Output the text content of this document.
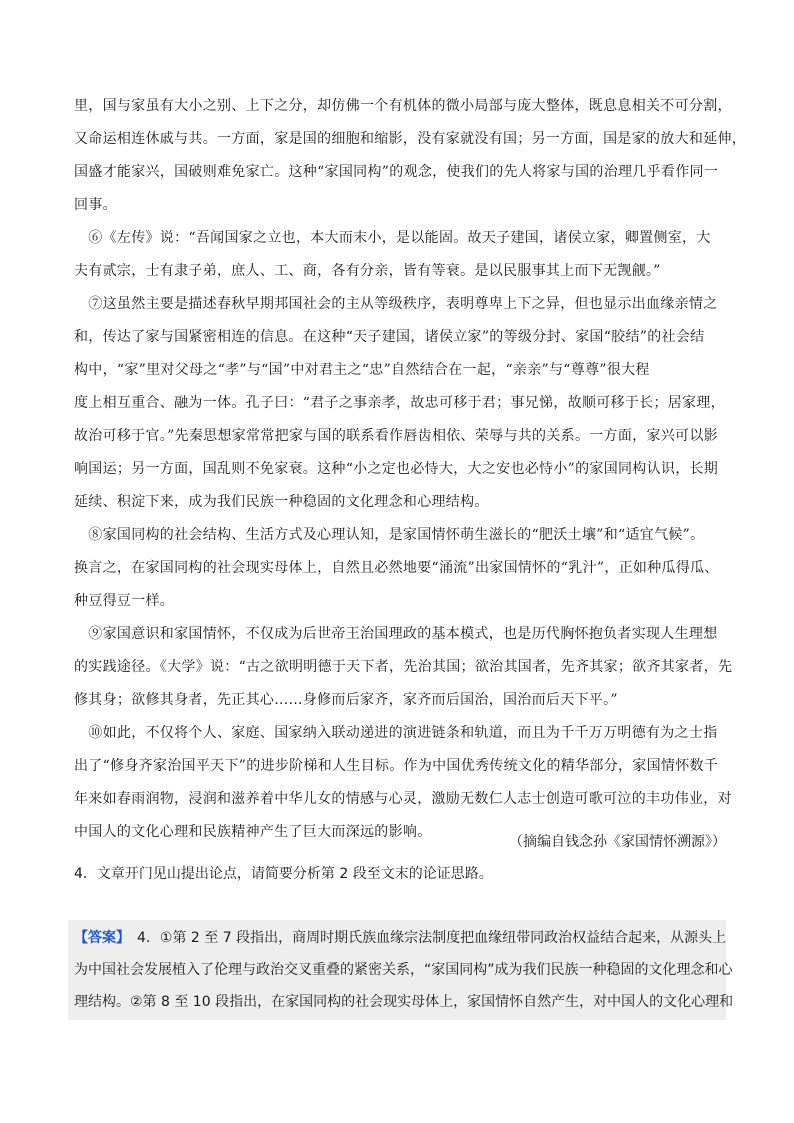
里，国与家虽有大小之别、上下之分，却仿佛一个有机体的微小局部与庞大整体，既息息相关不可分割，
又命运相连休戚与共。一方面，家是国的细胞和缩影，没有家就没有国；另一方面，国是家的放大和延伸，
国盛才能家兴，国破则难免家亡。这种“家国同构”的观念，使我们的先人将家与国的治理几乎看作同一
回事。
　⑥《左传》说：“吾闻国家之立也，本大而末小，是以能固。故天子建国，诸侯立家，卿置侧室，大
夫有贰宗，士有隶子弟，庶人、工、商，各有分亲，皆有等衰。是以民服事其上而下无觊觎。”
　⑦这虽然主要是描述春秋早期邦国社会的主从等级秩序，表明尊卑上下之异，但也显示出血缘亲情之
和，传达了家与国紧密相连的信息。在这种“天子建国，诸侯立家”的等级分封、家国“胶结”的社会结
构中，“家”里对父母之“孝”与“国”中对君主之“忠”自然结合在一起，“亲亲”与“尊尊”很大程
度上相互重合、融为一体。孔子曰：“君子之事亲孝，故忠可移于君；事兄悌，故顺可移于长；居家理，
故治可移于官。”先秦思想家常常把家与国的联系看作唇齿相依、荣辱与共的关系。一方面，家兴可以影
响国运；另一方面，国乱则不免家衰。这种“小之定也必恃大，大之安也必恃小”的家国同构认识，长期
延续、积淀下来，成为我们民族一种稳固的文化理念和心理结构。
　⑧家国同构的社会结构、生活方式及心理认知，是家国情怀萌生滋长的“肥沃土壤”和“适宜气候”。
换言之，在家国同构的社会现实母体上，自然且必然地要“涌流”出家国情怀的“乳汁”，正如种瓜得瓜、
种豆得豆一样。
　⑨家国意识和家国情怀，不仅成为后世帝王治国理政的基本模式，也是历代胸怀抱负者实现人生理想
的实践途径。《大学》说：“古之欲明明德于天下者，先治其国；欲治其国者，先齐其家；欲齐其家者，先
修其身；欲修其身者，先正其心……身修而后家齐，家齐而后国治，国治而后天下平。”
　⑩如此，不仅将个人、家庭、国家纳入联动递进的演进链条和轨道，而且为千千万万明德有为之士指
出了“修身齐家治国平天下”的进步阶梯和人生目标。作为中国优秀传统文化的精华部分，家国情怀数千
年来如春雨润物，浸润和滋养着中华儿女的情感与心灵，激励无数仁人志士创造可歌可泣的丰功伟业，对
中国人的文化心理和民族精神产生了巨大而深远的影响。
（摘编自钱念孙《家国情怀溯源》）
4．文章开门见山提出论点，请简要分析第 2 段至文末的论证思路。
【答案】　4．①第 2 至 7 段指出，商周时期氏族血缘宗法制度把血缘纽带同政治权益结合起来，从源头上
为中国社会发展植入了伦理与政治交叉重叠的紧密关系，“家国同构”成为我们民族一种稳固的文化理念和心
理结构。②第 8 至 10 段指出，在家国同构的社会现实母体上，家国情怀自然产生，对中国人的文化心理和
